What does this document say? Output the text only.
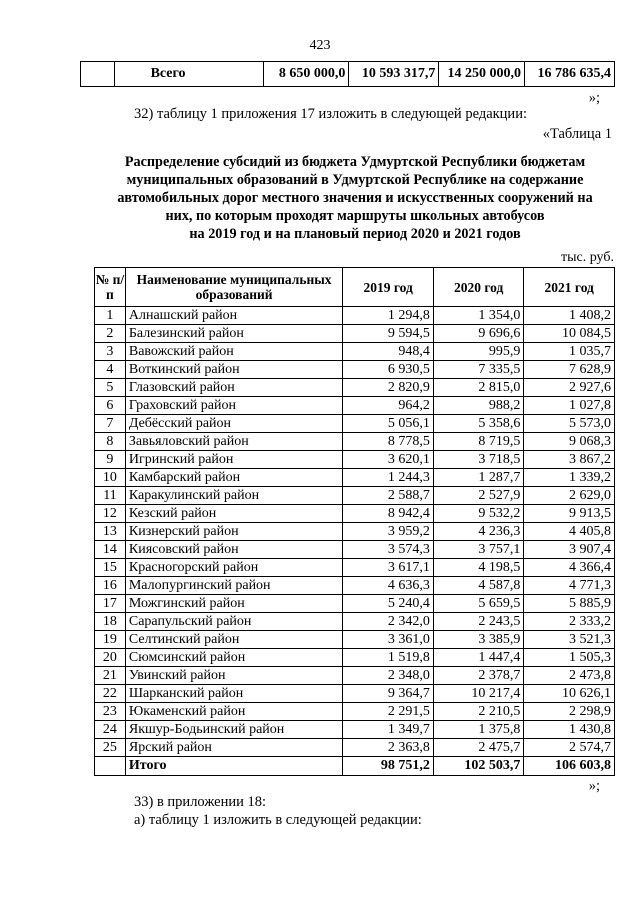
423
	Всего	8 650 000,0	10 593 317,7	14 250 000,0	16 786 635,4
»;
32) таблицу 1 приложения 17 изложить в следующей редакции:
«Таблица 1
Распределение субсидий из бюджета Удмуртской Республики бюджетам
муниципальных образований в Удмуртской Республике на содержание
автомобильных дорог местного значения и искусственных сооружений на
них, по которым проходят маршруты школьных автобусов
на 2019 год и на плановый период 2020 и 2021 годов
тыс. руб.
№ п/п	Наименование муниципальных образований	2019 год	2020 год	2021 год
1	Алнашский район	1 294,8	1 354,0	1 408,2
2	Балезинский район	9 594,5	9 696,6	10 084,5
3	Вавожский район	948,4	995,9	1 035,7
4	Воткинский район	6 930,5	7 335,5	7 628,9
5	Глазовский район	2 820,9	2 815,0	2 927,6
6	Граховский район	964,2	988,2	1 027,8
7	Дебёсский район	5 056,1	5 358,6	5 573,0
8	Завьяловский район	8 778,5	8 719,5	9 068,3
9	Игринский район	3 620,1	3 718,5	3 867,2
10	Камбарский район	1 244,3	1 287,7	1 339,2
11	Каракулинский район	2 588,7	2 527,9	2 629,0
12	Кезский район	8 942,4	9 532,2	9 913,5
13	Кизнерский район	3 959,2	4 236,3	4 405,8
14	Киясовский район	3 574,3	3 757,1	3 907,4
15	Красногорский район	3 617,1	4 198,5	4 366,4
16	Малопургинский район	4 636,3	4 587,8	4 771,3
17	Можгинский район	5 240,4	5 659,5	5 885,9
18	Сарапульский район	2 342,0	2 243,5	2 333,2
19	Селтинский район	3 361,0	3 385,9	3 521,3
20	Сюмсинский район	1 519,8	1 447,4	1 505,3
21	Увинский район	2 348,0	2 378,7	2 473,8
22	Шарканский район	9 364,7	10 217,4	10 626,1
23	Юкаменский район	2 291,5	2 210,5	2 298,9
24	Якшур-Бодьинский район	1 349,7	1 375,8	1 430,8
25	Ярский район	2 363,8	2 475,7	2 574,7
	Итого	98 751,2	102 503,7	106 603,8
»;
33) в приложении 18:
а) таблицу 1 изложить в следующей редакции:
